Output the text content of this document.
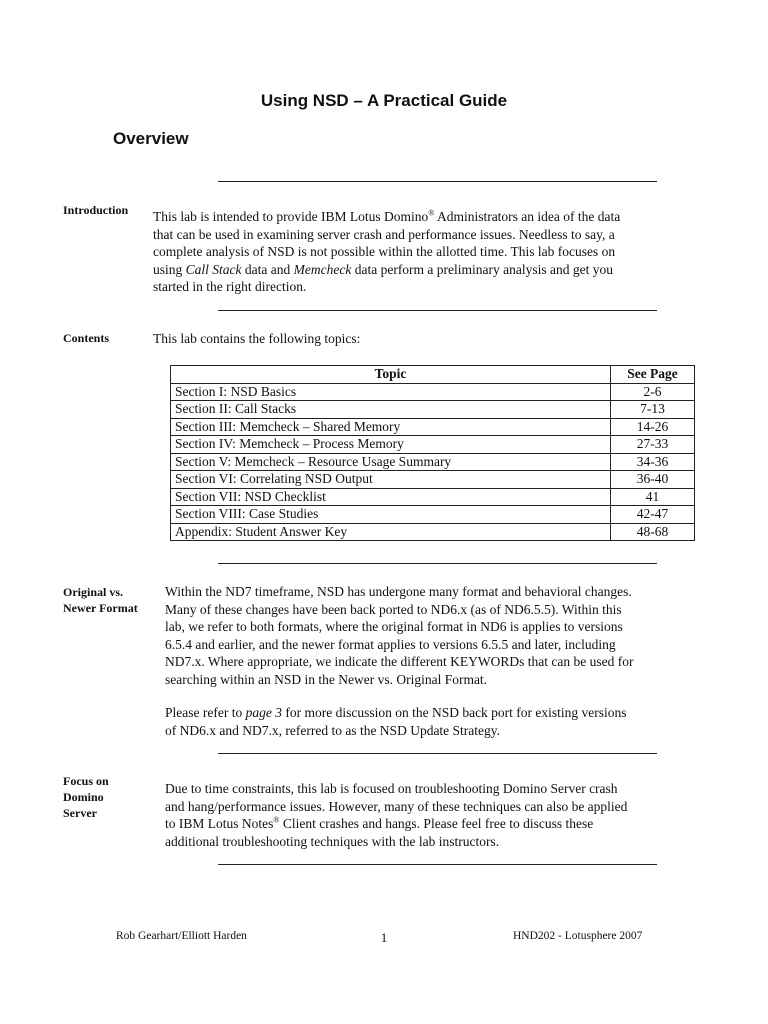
Using NSD – A Practical Guide
Overview
Introduction This lab is intended to provide IBM Lotus Domino® Administrators an idea of the data
that can be used in examining server crash and performance issues. Needless to say, a
complete analysis of NSD is not possible within the allotted time. This lab focuses on
using Call Stack data and Memcheck data perform a preliminary analysis and get you
started in the right direction.
Contents	This lab contains the following topics:
Topic	See Page
Section I: NSD Basics	2-6
Section II: Call Stacks	7-13
Section III: Memcheck – Shared Memory	14-26
Section IV: Memcheck – Process Memory	27-33
Section V: Memcheck – Resource Usage Summary	34-36
Section VI: Correlating NSD Output	36-40
Section VII: NSD Checklist	41
Section VIII: Case Studies	42-47
Appendix: Student Answer Key	48-68
Original vs.
Newer Format
Within the ND7 timeframe, NSD has undergone many format and behavioral changes.
Many of these changes have been back ported to ND6.x (as of ND6.5.5). Within this
lab, we refer to both formats, where the original format in ND6 is applies to versions
6.5.4 and earlier, and the newer format applies to versions 6.5.5 and later, including
ND7.x. Where appropriate, we indicate the different KEYWORDs that can be used for
searching within an NSD in the Newer vs. Original Format.
Please refer to page 3 for more discussion on the NSD back port for existing versions
of ND6.x and ND7.x, referred to as the NSD Update Strategy.
Focus on
Domino
Server
Due to time constraints, this lab is focused on troubleshooting Domino Server crash
and hang/performance issues. However, many of these techniques can also be applied
to IBM Lotus Notes® Client crashes and hangs. Please feel free to discuss these
additional troubleshooting techniques with the lab instructors.
Rob Gearhart/Elliott Harden	1	HND202 - Lotusphere 2007
